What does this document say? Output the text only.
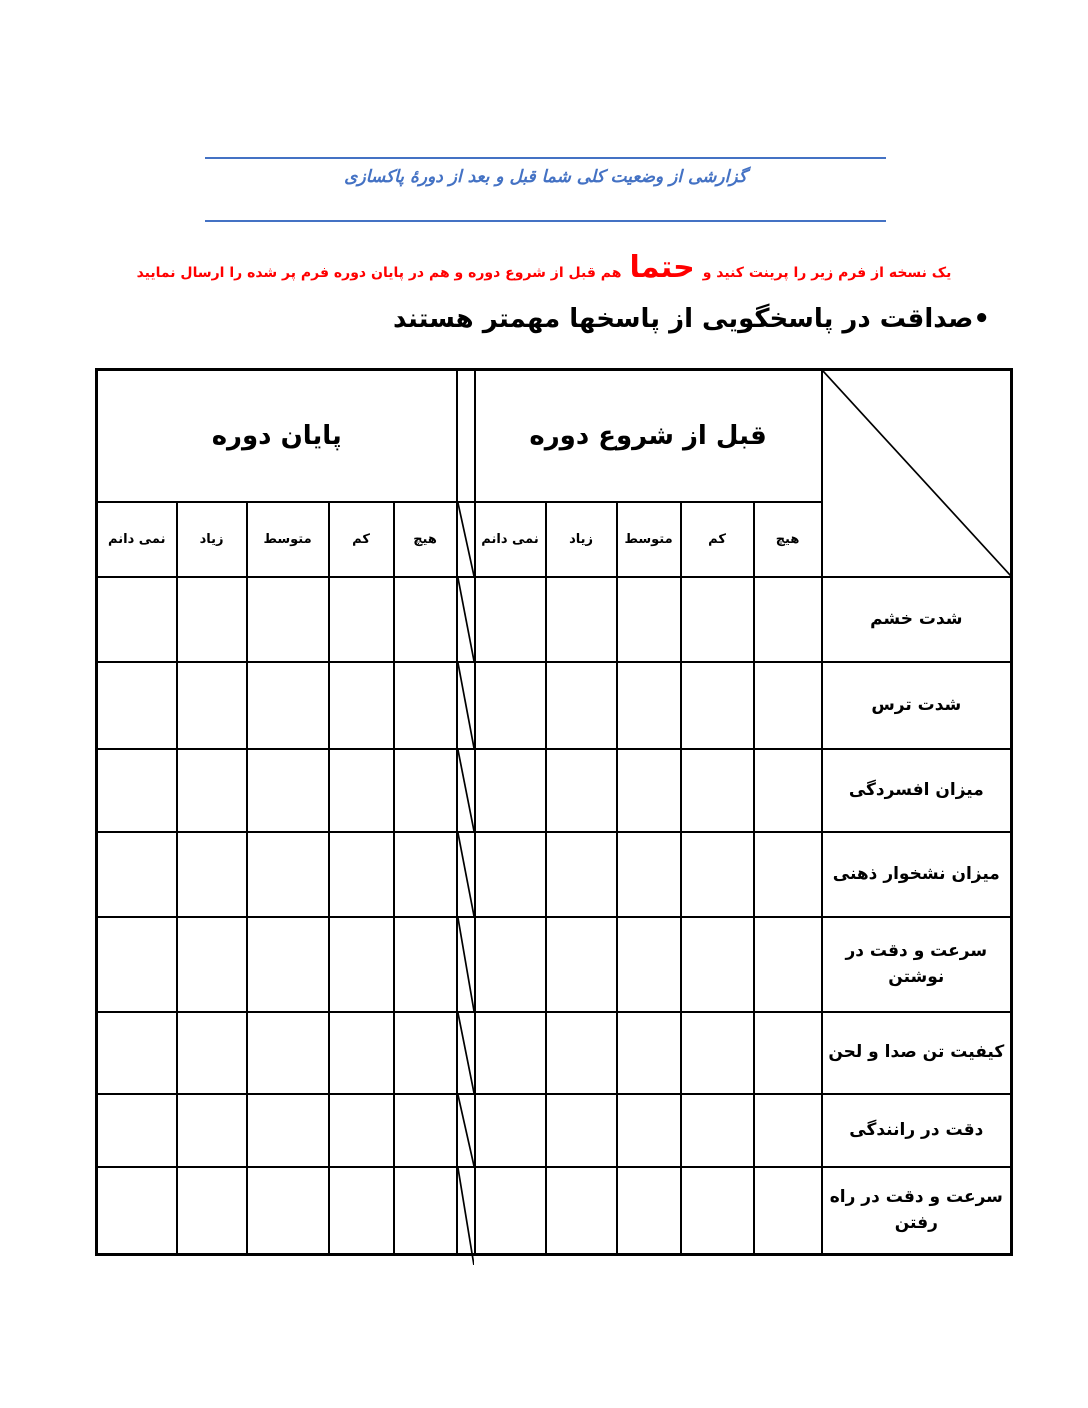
گزارشی از وضعیت کلی شما قبل و بعد از دورهٔ پاکسازی
یک نسخه از فرم زیر را پرینت کنید وحتماهم قبل از شروع دوره و هم در پایان دوره فرم پر شده را ارسال نمایید
•صداقت در پاسخگویی از پاسخها مهمتر هستند
	قبل از شروع دوره						پایان دوره				
	هیچ	کم	متوسط	زیاد	نمی دانم		هیچ	کم	متوسط	زیاد	نمی دانم
شدت خشم						

شدت ترس						

میزان افسردگی						

میزان نشخوار ذهنی						

سرعت و دقت در نوشتن						

کیفیت تن صدا و لحن						

دقت در رانندگی						

سرعت و دقت در راه رفتن						
